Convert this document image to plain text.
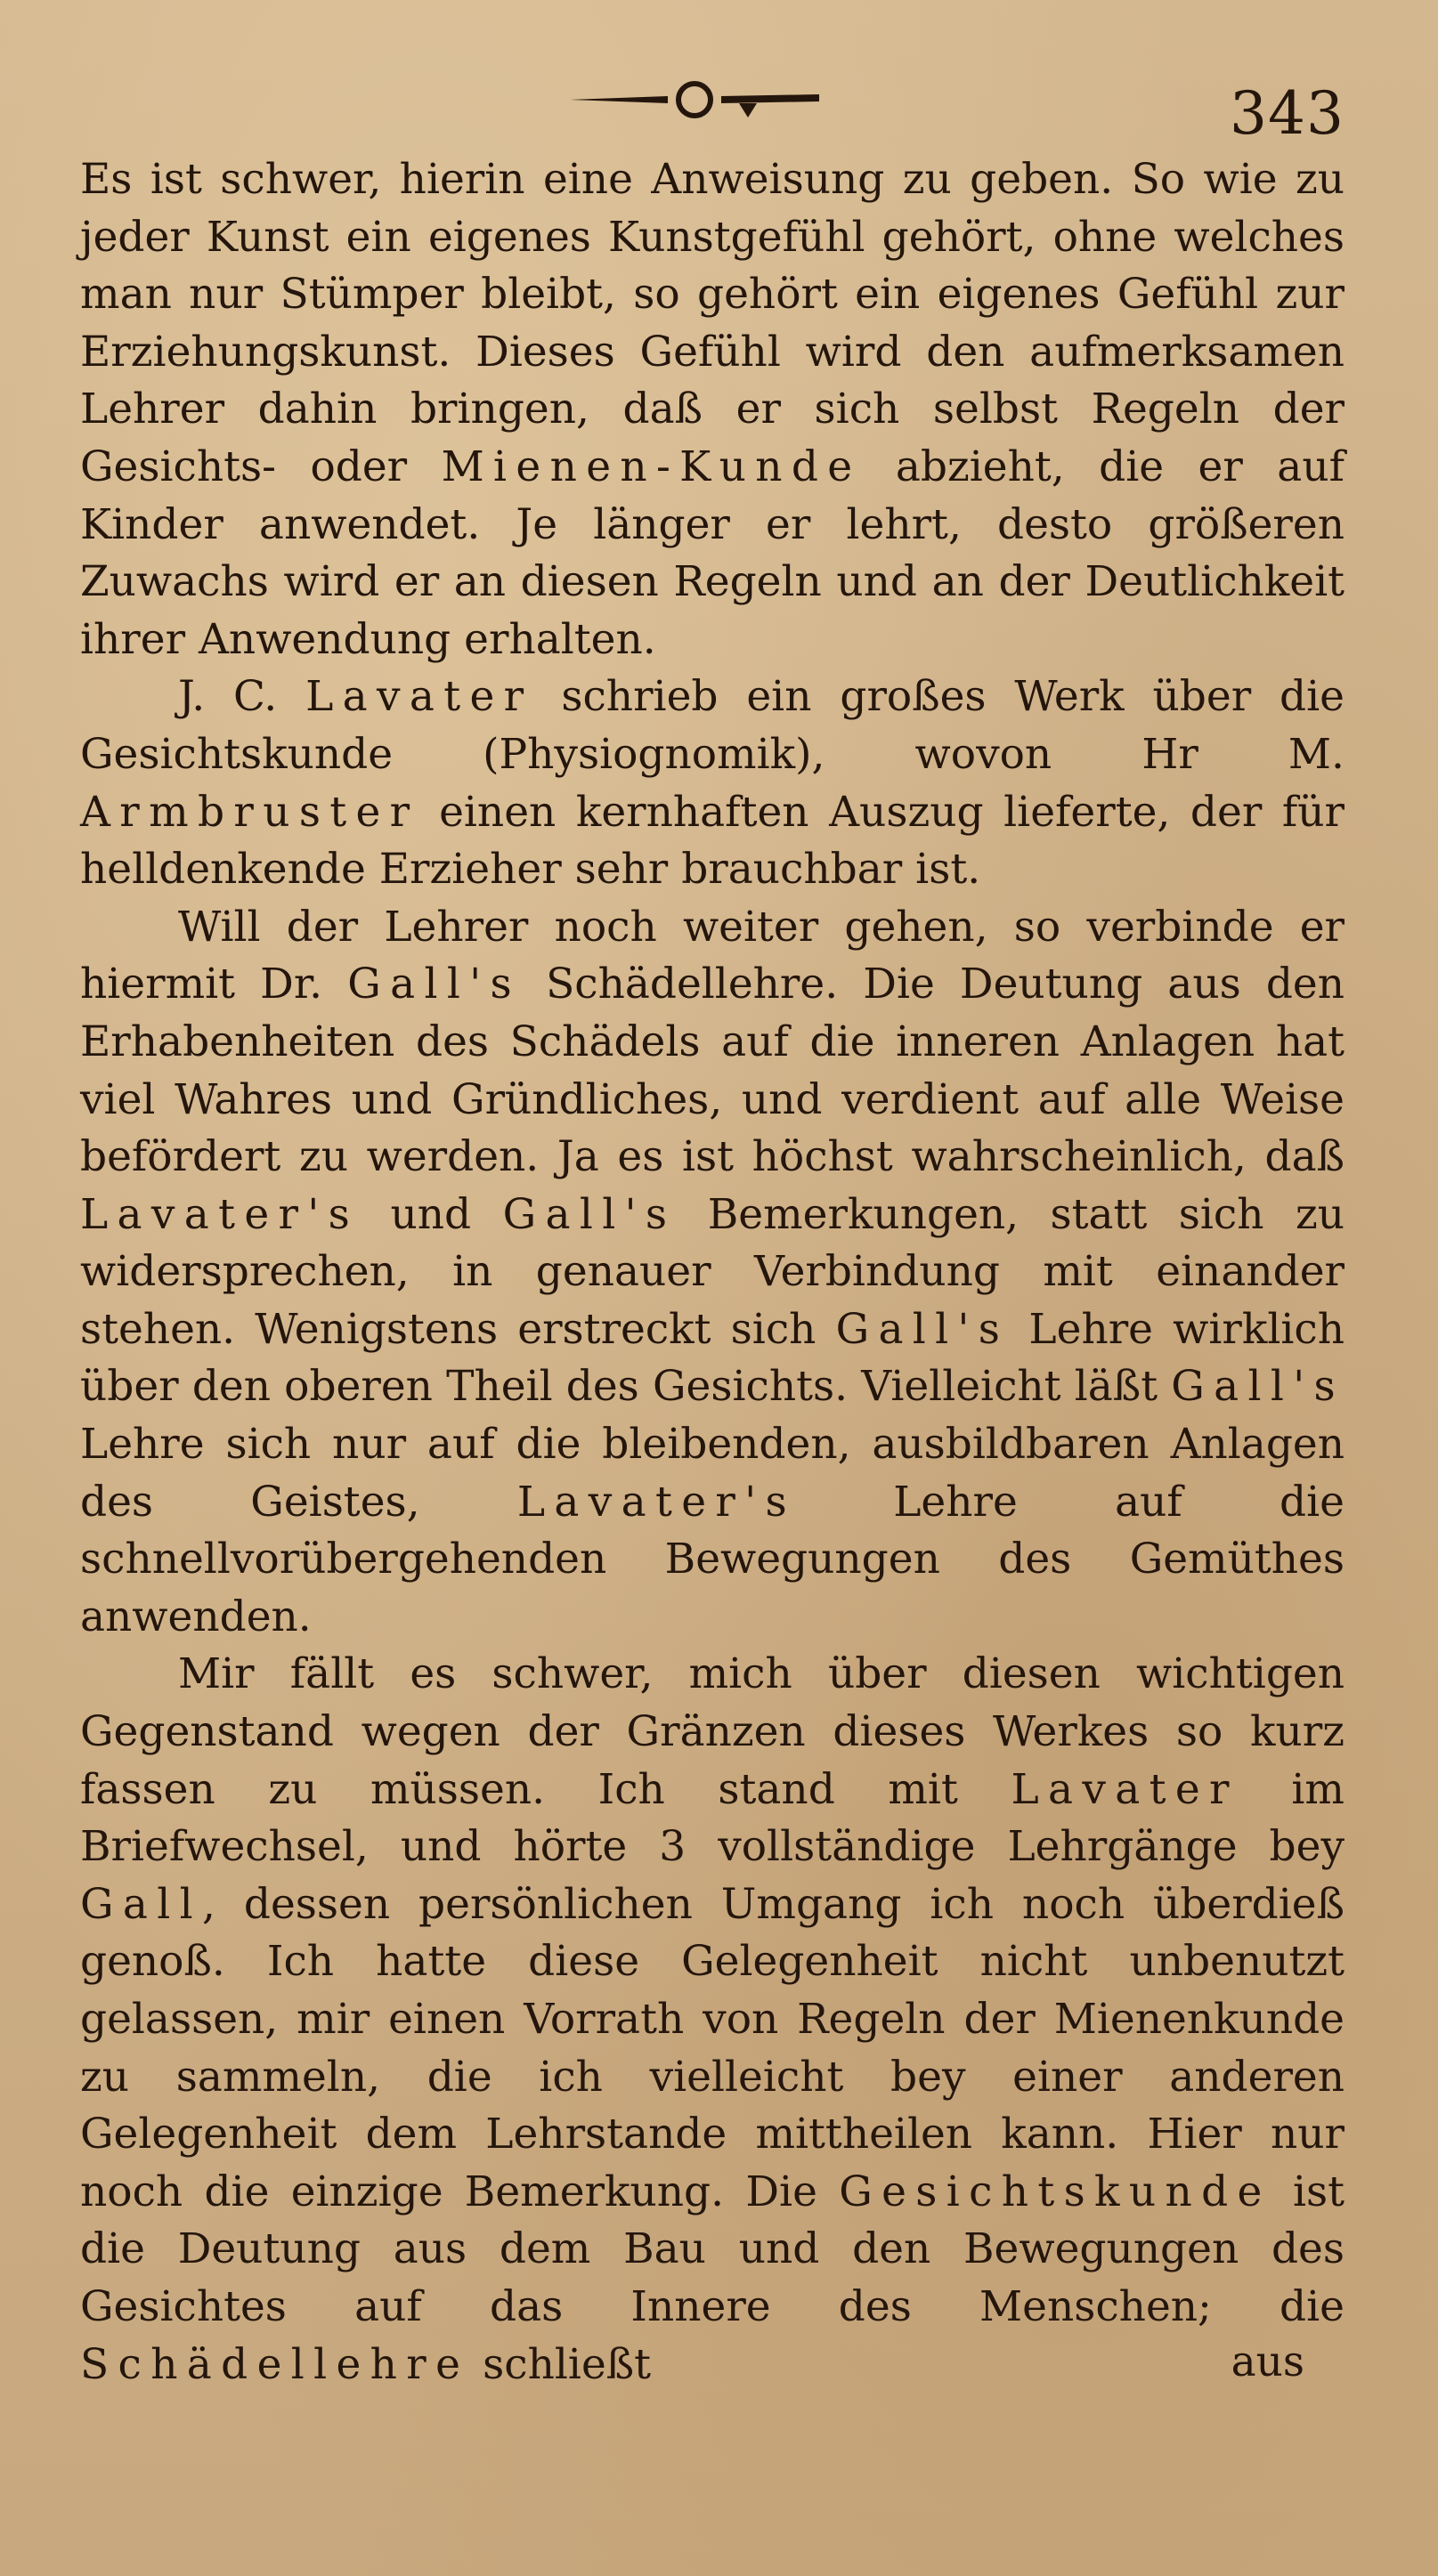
343

Es ist schwer, hierin eine Anweisung zu geben. So wie zu jeder Kunst ein eigenes Kunstgefühl gehört, ohne welches man nur Stümper bleibt, so gehört ein eigenes Gefühl zur Erziehungskunst. Dieses Gefühl wird den aufmerksamen Lehrer dahin bringen, daß er sich selbst Regeln der Gesichts- oder Mienen-Kunde abzieht, die er auf Kinder anwendet. Je länger er lehrt, desto größeren Zuwachs wird er an diesen Regeln und an der Deutlichkeit ihrer Anwendung erhalten.

J. C. Lavater schrieb ein großes Werk über die Gesichtskunde (Physiognomik), wovon Hr M. Armbruster einen kernhaften Auszug lieferte, der für helldenkende Erzieher sehr brauchbar ist.

Will der Lehrer noch weiter gehen, so verbinde er hiermit Dr. Gall's Schädellehre. Die Deutung aus den Erhabenheiten des Schädels auf die inneren Anlagen hat viel Wahres und Gründliches, und verdient auf alle Weise befördert zu werden. Ja es ist höchst wahrscheinlich, daß Lavater's und Gall's Bemerkungen, statt sich zu widersprechen, in genauer Verbindung mit einander stehen. Wenigstens erstreckt sich Gall's Lehre wirklich über den oberen Theil des Gesichts. Vielleicht läßt Gall's Lehre sich nur auf die bleibenden, ausbildbaren Anlagen des Geistes, Lavater's Lehre auf die schnellvorübergehenden Bewegungen des Gemüthes anwenden.

Mir fällt es schwer, mich über diesen wichtigen Gegenstand wegen der Gränzen dieses Werkes so kurz fassen zu müssen. Ich stand mit Lavater im Briefwechsel, und hörte 3 vollständige Lehrgänge bey Gall, dessen persönlichen Umgang ich noch überdieß genoß. Ich hatte diese Gelegenheit nicht unbenutzt gelassen, mir einen Vorrath von Regeln der Mienenkunde zu sammeln, die ich vielleicht bey einer anderen Gelegenheit dem Lehrstande mittheilen kann. Hier nur noch die einzige Bemerkung. Die Gesichtskunde ist die Deutung aus dem Bau und den Bewegungen des Gesichtes auf das Innere des Menschen; die Schädellehre schließt	aus
